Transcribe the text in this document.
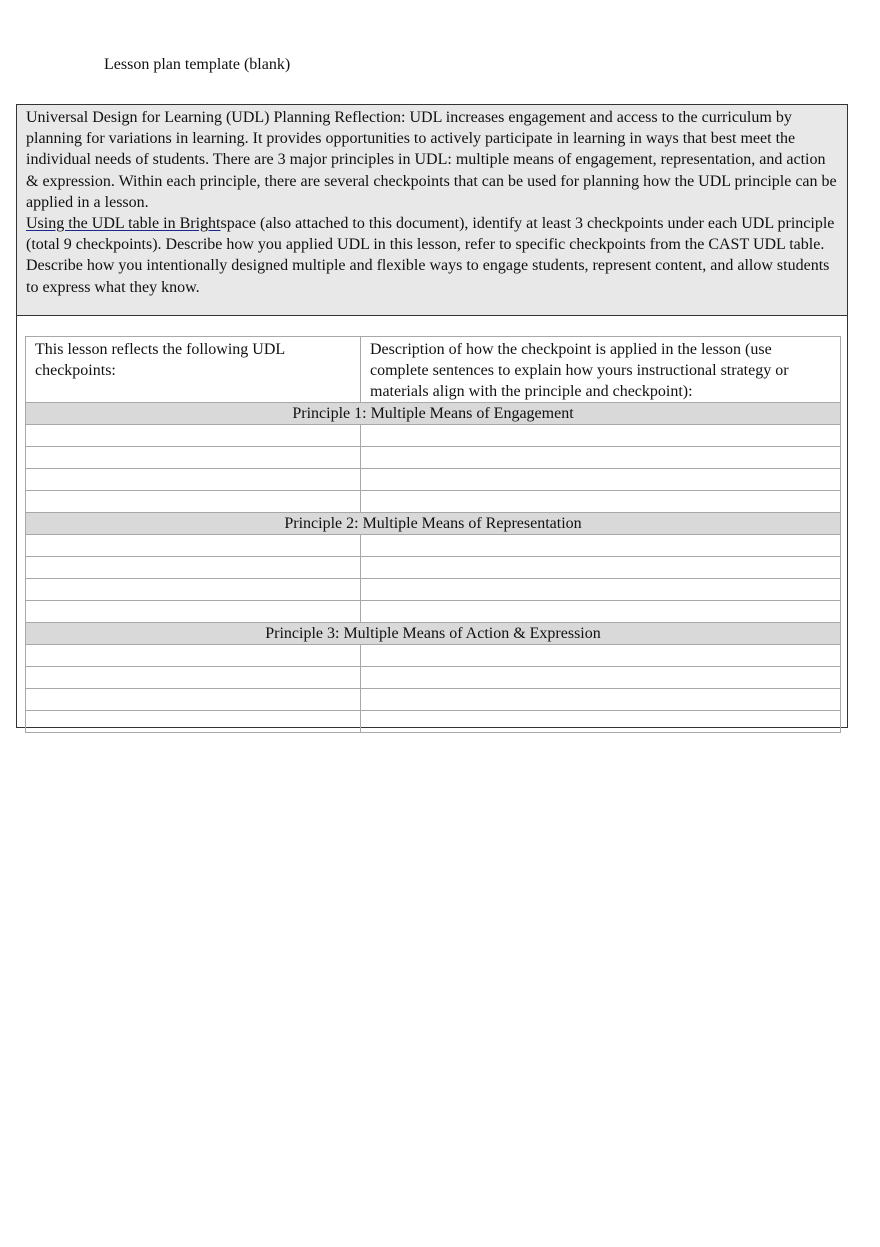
Lesson plan template (blank)

Universal Design for Learning (UDL) Planning Reflection: UDL increases engagement and access to the curriculum by planning for variations in learning. It provides opportunities to actively participate in learning in ways that best meet the individual needs of students. There are 3 major principles in UDL: multiple means of engagement, representation, and action & expression. Within each principle, there are several checkpoints that can be used for planning how the UDL principle can be applied in a lesson.

Using the UDL table in Brightspace (also attached to this document), identify at least 3 checkpoints under each UDL principle (total 9 checkpoints). Describe how you applied UDL in this lesson, refer to specific checkpoints from the CAST UDL table. Describe how you intentionally designed multiple and flexible ways to engage students, represent content, and allow students to express what they know.

This lesson reflects the following UDL checkpoints:	Description of how the checkpoint is applied in the lesson (use complete sentences to explain how yours instructional strategy or materials align with the principle and checkpoint):
Principle 1: Multiple Means of Engagement	

Principle 2: Multiple Means of Representation	

Principle 3: Multiple Means of Action & Expression	
